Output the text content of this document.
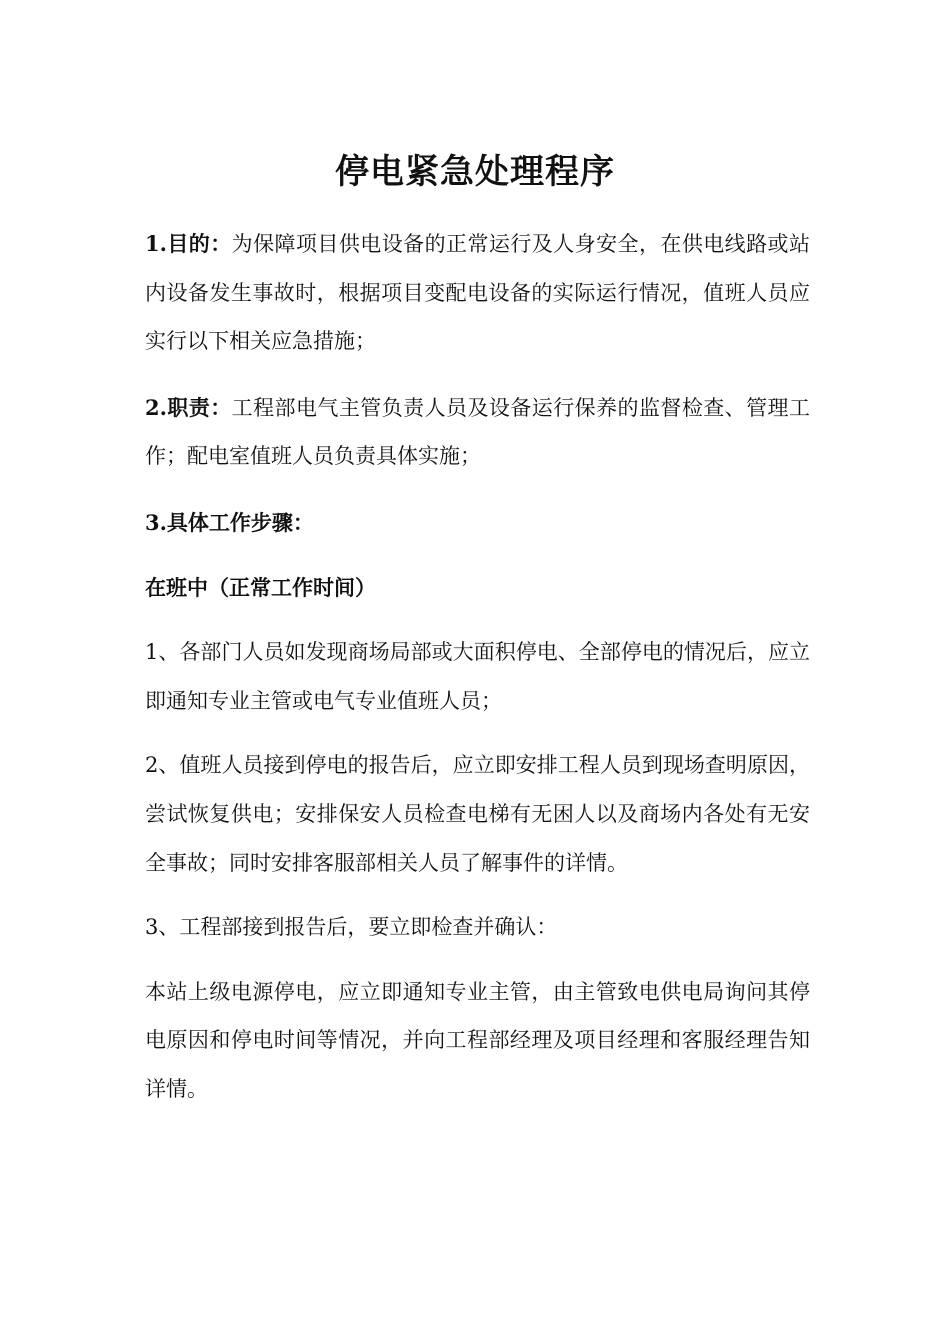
停电紧急处理程序

1.目的：为保障项目供电设备的正常运行及人身安全，在供电线路或站内设备发生事故时，根据项目变配电设备的实际运行情况，值班人员应实行以下相关应急措施；

2.职责：工程部电气主管负责人员及设备运行保养的监督检查、管理工作；配电室值班人员负责具体实施；

3.具体工作步骤：

在班中（正常工作时间）

1、各部门人员如发现商场局部或大面积停电、全部停电的情况后，应立即通知专业主管或电气专业值班人员；

2、值班人员接到停电的报告后，应立即安排工程人员到现场查明原因，尝试恢复供电；安排保安人员检查电梯有无困人以及商场内各处有无安全事故；同时安排客服部相关人员了解事件的详情。

3、工程部接到报告后，要立即检查并确认：

本站上级电源停电，应立即通知专业主管，由主管致电供电局询问其停电原因和停电时间等情况，并向工程部经理及项目经理和客服经理告知详情。
